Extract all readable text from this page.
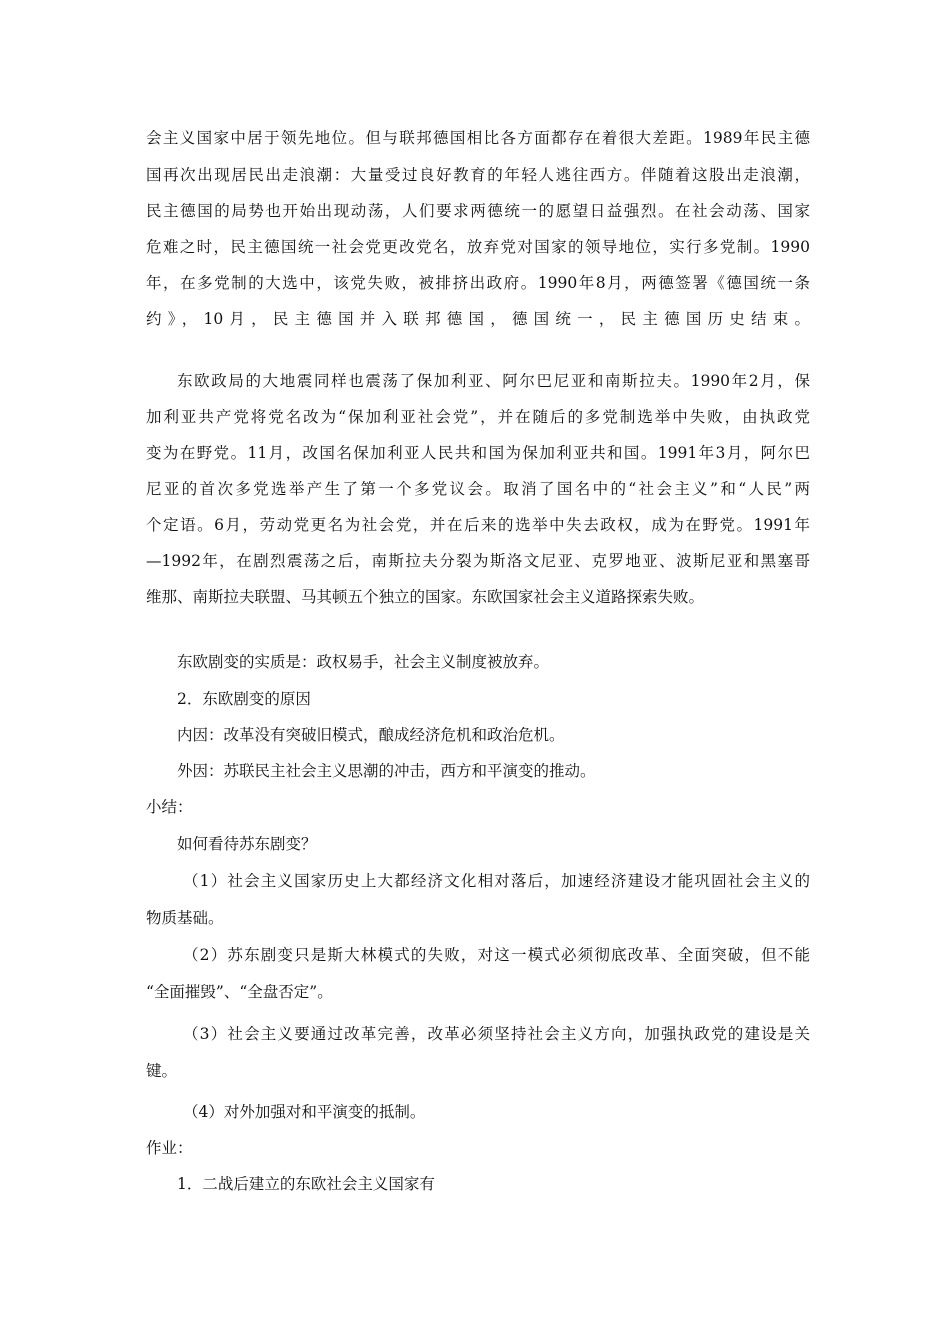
会主义国家中居于领先地位。但与联邦德国相比各方面都存在着很大差距。1989年民主德
国再次出现居民出走浪潮：大量受过良好教育的年轻人逃往西方。伴随着这股出走浪潮，
民主德国的局势也开始出现动荡，人们要求两德统一的愿望日益强烈。在社会动荡、国家
危难之时，民主德国统一社会党更改党名，放弃党对国家的领导地位，实行多党制。1990
年，在多党制的大选中，该党失败，被排挤出政府。1990年8月，两德签署《德国统一条
约》，10月，民主德国并入联邦德国，德国统一，民主德国历史结束。
东欧政局的大地震同样也震荡了保加利亚、阿尔巴尼亚和南斯拉夫。1990年2月，保
加利亚共产党将党名改为“保加利亚社会党”，并在随后的多党制选举中失败，由执政党
变为在野党。11月，改国名保加利亚人民共和国为保加利亚共和国。1991年3月，阿尔巴
尼亚的首次多党选举产生了第一个多党议会。取消了国名中的“社会主义”和“人民”两
个定语。6月，劳动党更名为社会党，并在后来的选举中失去政权，成为在野党。1991年
—1992年，在剧烈震荡之后，南斯拉夫分裂为斯洛文尼亚、克罗地亚、波斯尼亚和黑塞哥
维那、南斯拉夫联盟、马其顿五个独立的国家。东欧国家社会主义道路探索失败。
东欧剧变的实质是：政权易手，社会主义制度被放弃。
2．东欧剧变的原因
内因：改革没有突破旧模式，酿成经济危机和政治危机。
外因：苏联民主社会主义思潮的冲击，西方和平演变的推动。
小结：
如何看待苏东剧变？
（1）社会主义国家历史上大都经济文化相对落后，加速经济建设才能巩固社会主义的
物质基础。
（2）苏东剧变只是斯大林模式的失败，对这一模式必须彻底改革、全面突破，但不能
“全面摧毁”、“全盘否定”。
（3）社会主义要通过改革完善，改革必须坚持社会主义方向，加强执政党的建设是关
键。
（4）对外加强对和平演变的抵制。
作业：
1．二战后建立的东欧社会主义国家有
